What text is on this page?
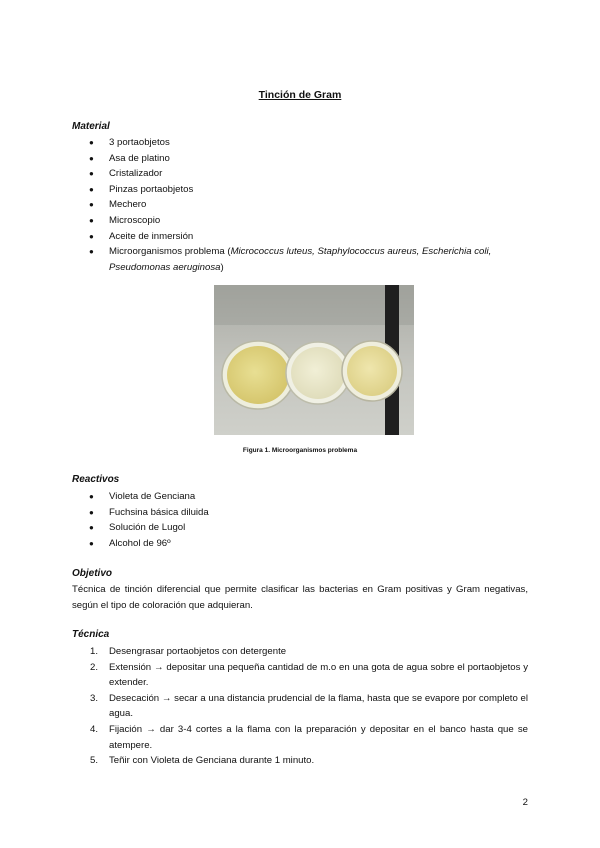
Tinción de Gram
Material
● 3 portaobjetos
● Asa de platino
● Cristalizador
● Pinzas portaobjetos
● Mechero
● Microscopio
● Aceite de inmersión
● Microorganismos problema (Micrococcus luteus, Staphylococcus aureus, Escherichia coli,
Pseudomonas aeruginosa)
Figura 1. Microorganismos problema
Reactivos
● Violeta de Genciana
● Fuchsina básica diluida
● Solución de Lugol
● Alcohol de 96º
Objetivo
Técnica de tinción diferencial que permite clasificar las bacterias en Gram positivas y Gram negativas, según el tipo de coloración que adquieran.
Técnica
1. Desengrasar portaobjetos con detergente
2. Extensión → depositar una pequeña cantidad de m.o en una gota de agua sobre el portaobjetos y extender.
3. Desecación → secar a una distancia prudencial de la flama, hasta que se evapore por completo el agua.
4. Fijación → dar 3-4 cortes a la flama con la preparación y depositar en el banco hasta que se atempere.
5. Teñir con Violeta de Genciana durante 1 minuto.
2
